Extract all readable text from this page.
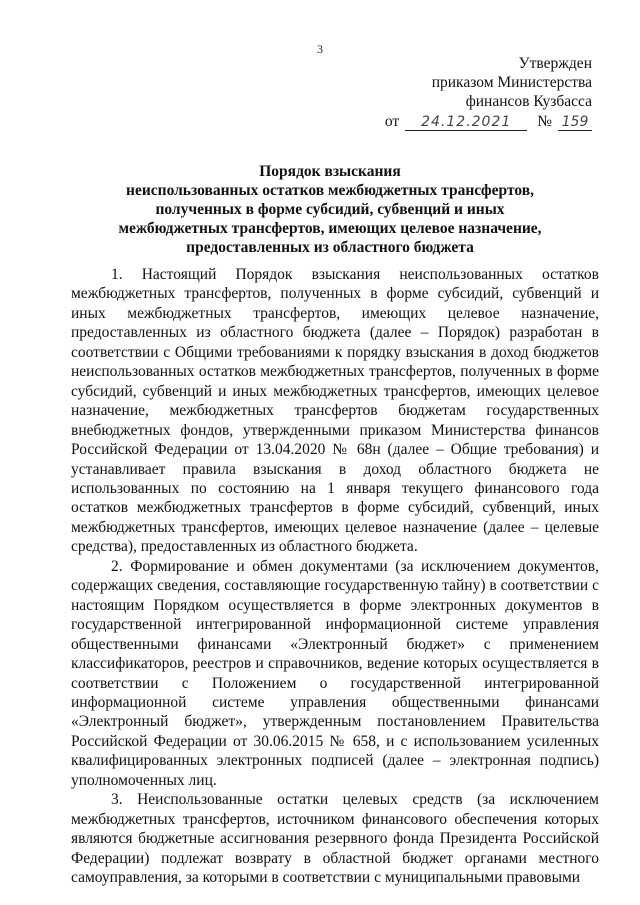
3
Утвержден
приказом Министерства
финансов Кузбасса
от	24.12.2021	№ 159
Порядок взыскания
неиспользованных остатков межбюджетных трансфертов,
полученных в форме субсидий, субвенций и иных
межбюджетных трансфертов, имеющих целевое назначение,
предоставленных из областного бюджета

1. Настоящий Порядок взыскания неиспользованных остатков межбюджетных трансфертов, полученных в форме субсидий, субвенций и иных межбюджетных трансфертов, имеющих целевое назначение, предоставленных из областного бюджета (далее – Порядок) разработан в соответствии с Общими требованиями к порядку взыскания в доход бюджетов неиспользованных остатков межбюджетных трансфертов, полученных в форме субсидий, субвенций и иных межбюджетных трансфертов, имеющих целевое назначение, межбюджетных трансфертов бюджетам государственных внебюджетных фондов, утвержденными приказом Министерства финансов Российской Федерации от 13.04.2020 № 68н (далее – Общие требования) и устанавливает правила взыскания в доход областного бюджета не использованных по состоянию на 1 января текущего финансового года остатков межбюджетных трансфертов в форме субсидий, субвенций, иных межбюджетных трансфертов, имеющих целевое назначение (далее – целевые средства), предоставленных из областного бюджета.

2. Формирование и обмен документами (за исключением документов, содержащих сведения, составляющие государственную тайну) в соответствии с настоящим Порядком осуществляется в форме электронных документов в государственной интегрированной информационной системе управления общественными финансами «Электронный бюджет» с применением классификаторов, реестров и справочников, ведение которых осуществляется в соответствии с Положением о государственной интегрированной информационной системе управления общественными финансами «Электронный бюджет», утвержденным постановлением Правительства Российской Федерации от 30.06.2015 № 658, и с использованием усиленных квалифицированных электронных подписей (далее – электронная подпись) уполномоченных лиц.

3. Неиспользованные остатки целевых средств (за исключением межбюджетных трансфертов, источником финансового обеспечения которых являются бюджетные ассигнования резервного фонда Президента Российской Федерации) подлежат возврату в областной бюджет органами местного самоуправления, за которыми в соответствии с муниципальными правовыми
